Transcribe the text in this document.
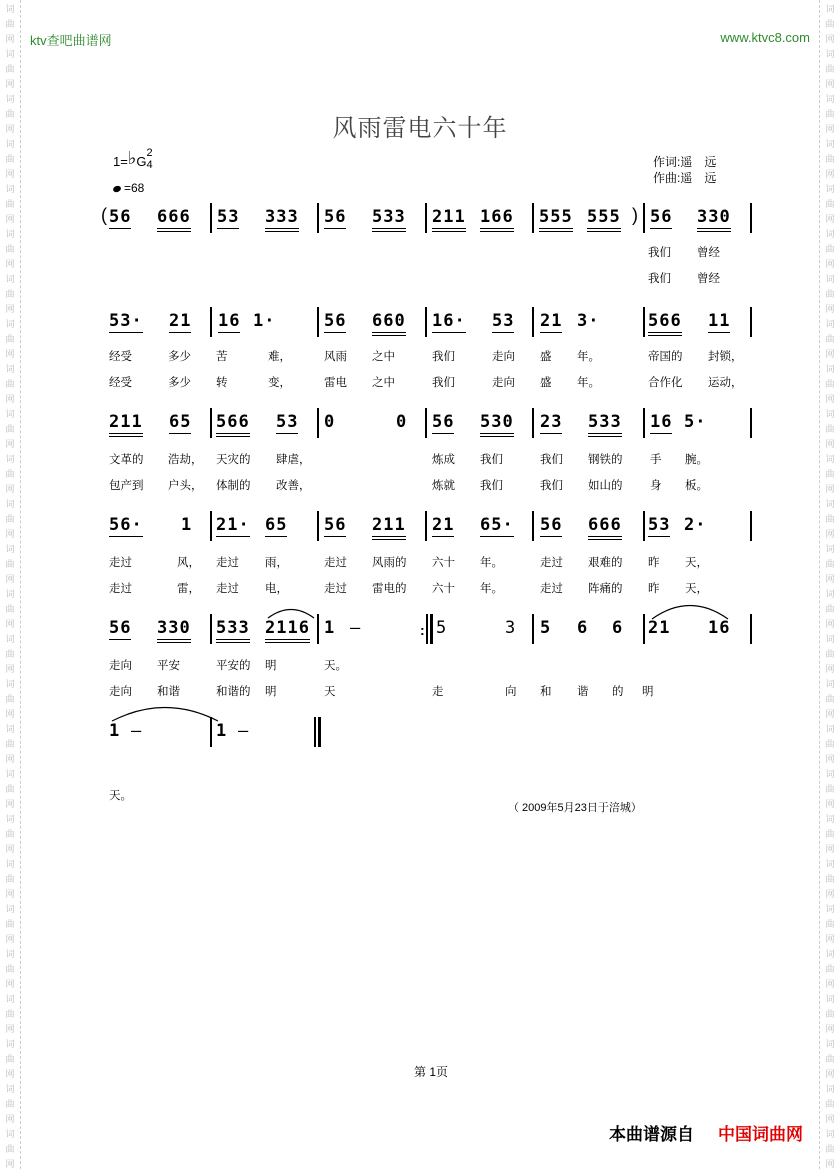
词
曲
网
词
曲
网
词
曲
网
词
曲
网
词
曲
网
词
曲
网
词
曲
网
词
曲
网
词
曲
网
词
曲
网
词
曲
网
词
曲
网
词
曲
网
词
曲
网
词
曲
网
词
曲
网
词
曲
网
词
曲
网
词
曲
网
词
曲
网
词
曲
网
词
曲
网
词
曲
网
词
曲
网
词
曲
网
词
曲
网
词
曲
网
词
曲
网
词
曲
网
词
曲
网
词
曲
网
词
曲
网
词
曲
网
词
曲
网
词
曲
网
词
曲
网
词
曲
网
词
曲
网
词
曲
网
词
曲
网
词
曲
网
词
曲
网
词
曲
网
词
曲
网
词
曲
网
词
曲
网
词
曲
网
词
曲
网
词
曲
网
词
曲
网
词
曲
网
词
曲
网
ktv查吧曲谱网	www.ktvc8.com
风雨雷电六十年
1=♭G2
4
=68
作词:遥　远
作曲:遥　远
( 56 666 53 333 56 533 211 166 555 555 ) 56 330
我们 曾经
我们 曾经
53· 21 16 1·	56 660 16· 53 21 3·	566 11
经受	多少 苦	难，	风雨 之中	我们	走向 盛 年。	帝国的 封锁，
经受	多少 转	变，	雷电 之中	我们	走向 盛 年。	合作化 运动，
211 65 566 53 0	0 56 530 23 533 16 5·
文革的 浩劫， 天灾的 肆虐，	炼成 我们	我们 钢铁的 手 腕。
包产到 户头， 体制的 改善，	炼就 我们	我们 如山的 身 板。
56· 1 21· 65 56 211 21 65· 56 666 53 2·
走过	风， 走过 雨，	走过 风雨的 六十 年。	走过 艰难的 昨 天，
走过	雷， 走过 电，	走过 雷电的 六十 年。	走过 阵痛的 昨 天，
56 330 533 2116 1 —	: 5	3 5 6 6 21 16
走向 平安	平安的 明	天。
走向 和谐	和谐的 明	天	走	向 和 谐 的 明
1 —	1 —
天。
（ 2009年5月23日于涪城）
第 1页
本曲谱源自 中国词曲网
